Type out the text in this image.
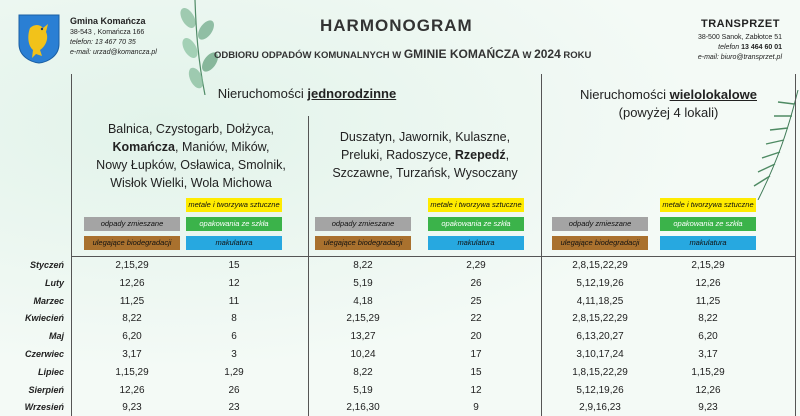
Gmina Komańcza
38-543 , Komańcza 166
telefon: 13 467 70 35
e-mail: urzad@komancza.pl
HARMONOGRAM
ODBIORU ODPADÓW KOMUNALNYCH W GMINIE KOMAŃCZA W 2024 ROKU
TRANSPRZET
38-500 Sanok, Zabłotce 51
telefon 13 464 60 01
e-mail: biuro@transprzet.pl
Nieruchomości jednorodzinne	Nieruchomości wielolokalowe
(powyżej 4 lokali)
Balnica, Czystogarb, Dołżyca,
Komańcza, Maniów, Mików,
Nowy Łupków, Osławica, Smolnik,
Wisłok Wielki, Wola Michowa
Duszatyn, Jawornik, Kulaszne,
Preluki, Radoszyce, Rzepedź,
Szczawne, Turzańsk, Wysoczany
odpady zmieszane
ulegające biodegradacji
metale i tworzywa sztuczne
opakowania ze szkła
makulatura
odpady zmieszane
ulegające biodegradacji
metale i tworzywa sztuczne
opakowania ze szkła
makulatura
odpady zmieszane
ulegające biodegradacji
metale i tworzywa sztuczne
opakowania ze szkła
makulatura
Styczeń	2,15,29	15	8,22	2,29	2,8,15,22,29	2,15,29
Luty	12,26	12	5,19	26	5,12,19,26	12,26
Marzec	11,25	11	4,18	25	4,11,18,25	11,25
Kwiecień	8,22	8	2,15,29	22	2,8,15,22,29	8,22
Maj	6,20	6	13,27	20	6,13,20,27	6,20
Czerwiec	3,17	3	10,24	17	3,10,17,24	3,17
Lipiec	1,15,29	1,29	8,22	15	1,8,15,22,29	1,15,29
Sierpień	12,26	26	5,19	12	5,12,19,26	12,26
Wrzesień	9,23	23	2,16,30	9	2,9,16,23	9,23
